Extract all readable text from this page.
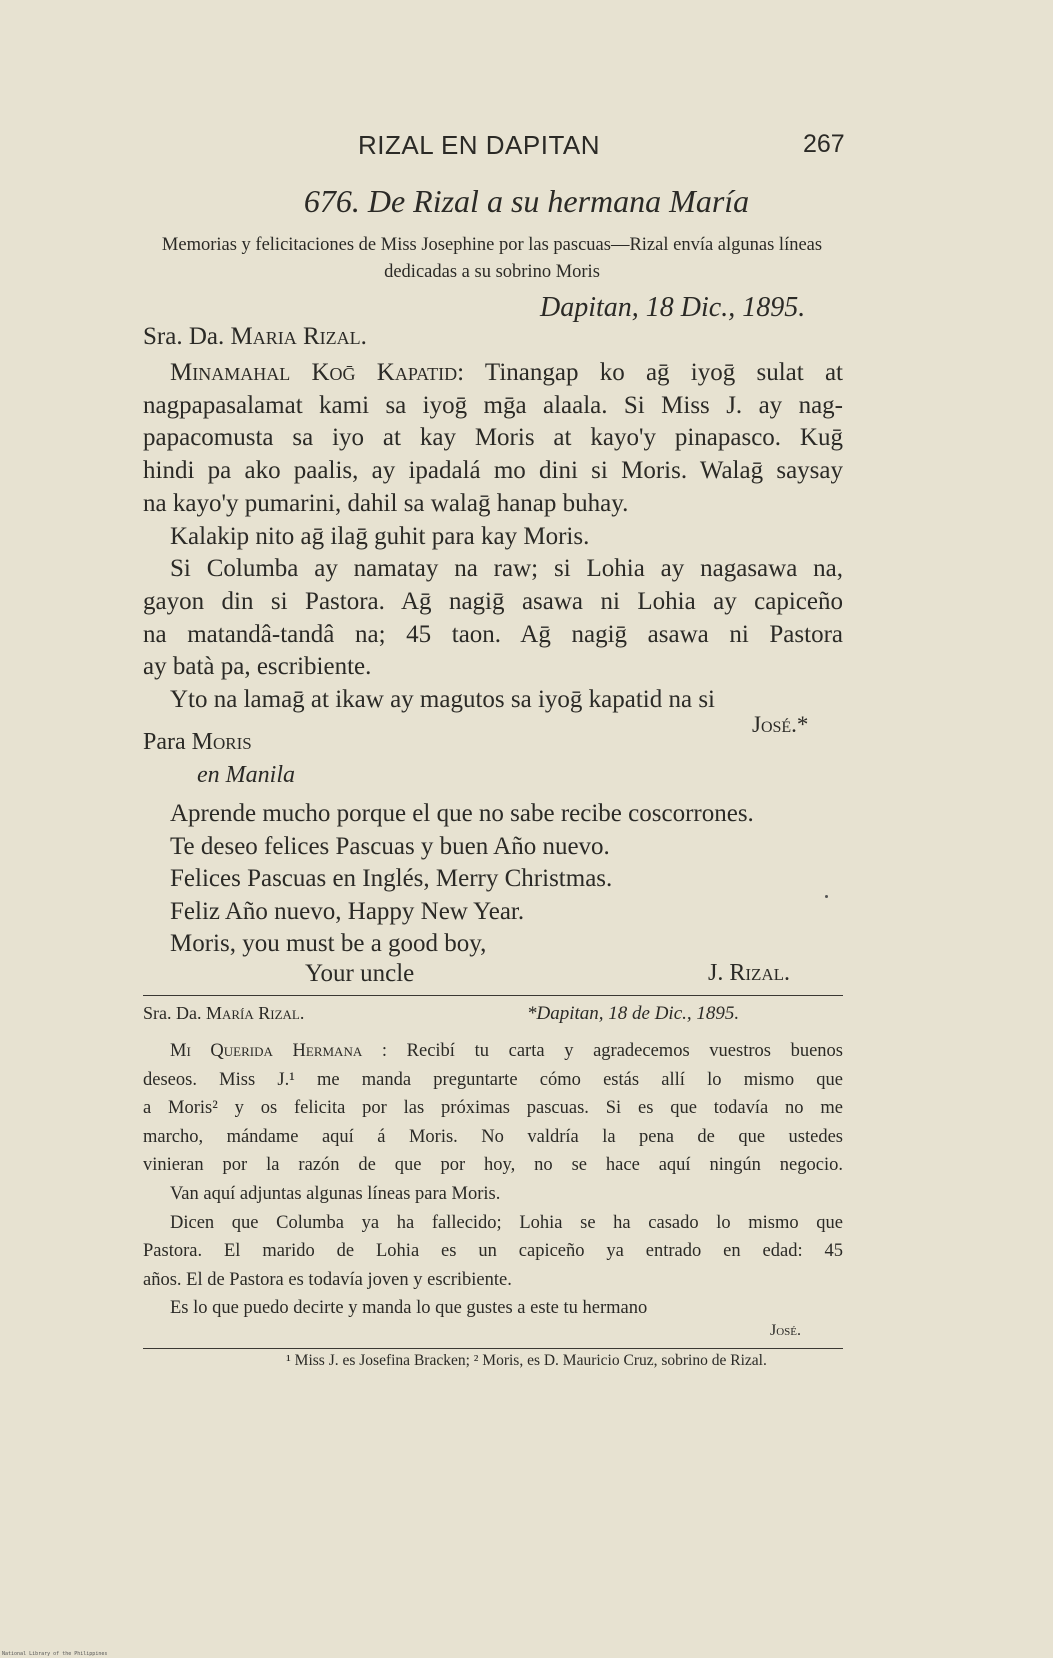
RIZAL EN DAPITAN	267
676. De Rizal a su hermana María
Memorias y felicitaciones de Miss Josephine por las pascuas—Rizal envía algunas líneas dedicadas a su sobrino Moris
Dapitan, 18 Dic., 1895.
Sra. Da. Maria Rizal.
Minamahal Koḡ Kapatid: Tinangap ko aḡ iyoḡ sulat at
nagpapasalamat kami sa iyoḡ mḡa alaala. Si Miss J. ay nag-
papacomusta sa iyo at kay Moris at kayo'y pinapasco. Kuḡ
hindi pa ako paalis, ay ipadalá mo dini si Moris. Walaḡ saysay
na kayo'y pumarini, dahil sa walaḡ hanap buhay.
Kalakip nito aḡ ilaḡ guhit para kay Moris.
Si Columba ay namatay na raw; si Lohia ay nagasawa na,
gayon din si Pastora. Aḡ nagiḡ asawa ni Lohia ay capiceño
na matandâ-tandâ na; 45 taon. Aḡ nagiḡ asawa ni Pastora
ay batà pa, escribiente.
Yto na lamaḡ at ikaw ay magutos sa iyoḡ kapatid na si
José.*
Para Moris
en Manila
Aprende mucho porque el que no sabe recibe coscorrones.
Te deseo felices Pascuas y buen Año nuevo.
Felices Pascuas en Inglés, Merry Christmas.
Feliz Año nuevo, Happy New Year.
Moris, you must be a good boy,
Your uncle	J. Rizal.
Sra. Da. María Rizal.	*Dapitan, 18 de Dic., 1895.
Mi Querida Hermana : Recibí tu carta y agradecemos vuestros buenos
deseos. Miss J.¹ me manda preguntarte cómo estás allí lo mismo que
a Moris² y os felicita por las próximas pascuas. Si es que todavía no me
marcho, mándame aquí á Moris. No valdría la pena de que ustedes
vinieran por la razón de que por hoy, no se hace aquí ningún negocio.
Van aquí adjuntas algunas líneas para Moris.
Dicen que Columba ya ha fallecido; Lohia se ha casado lo mismo que
Pastora. El marido de Lohia es un capiceño ya entrado en edad: 45
años. El de Pastora es todavía joven y escribiente.
Es lo que puedo decirte y manda lo que gustes a este tu hermano
José.
¹ Miss J. es Josefina Bracken; ² Moris, es D. Mauricio Cruz, sobrino de Rizal.
National Library of the Philippines
